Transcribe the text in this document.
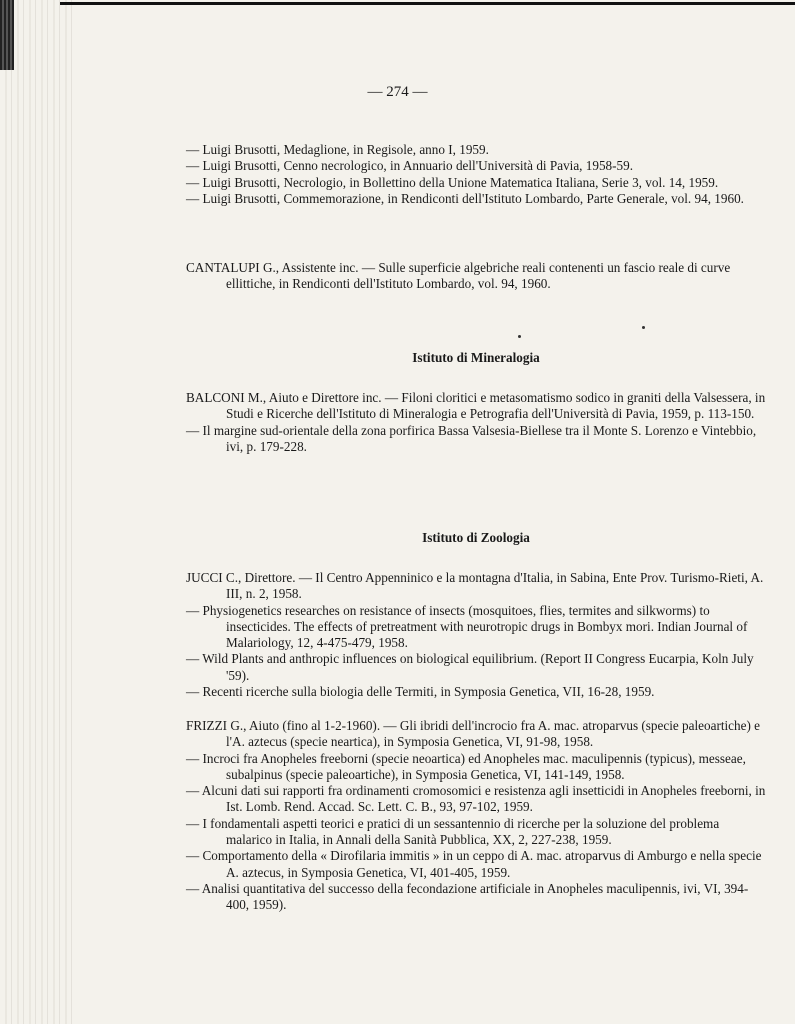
— 274 —
— Luigi Brusotti, Medaglione, in Regisole, anno I, 1959.
— Luigi Brusotti, Cenno necrologico, in Annuario dell'Università di Pavia, 1958-59.
— Luigi Brusotti, Necrologio, in Bollettino della Unione Matematica Italiana, Serie 3, vol. 14, 1959.
— Luigi Brusotti, Commemorazione, in Rendiconti dell'Istituto Lombardo, Parte Generale, vol. 94, 1960.
CANTALUPI G., Assistente inc. — Sulle superficie algebriche reali contenenti un fascio reale di curve ellittiche, in Rendiconti dell'Istituto Lombardo, vol. 94, 1960.
Istituto di Mineralogia
BALCONI M., Aiuto e Direttore inc. — Filoni cloritici e metasomatismo sodico in graniti della Valsessera, in Studi e Ricerche dell'Istituto di Mineralogia e Petrografia dell'Università di Pavia, 1959, p. 113-150.
— Il margine sud-orientale della zona porfirica Bassa Valsesia-Biellese tra il Monte S. Lorenzo e Vintebbio, ivi, p. 179-228.
Istituto di Zoologia
JUCCI C., Direttore. — Il Centro Appenninico e la montagna d'Italia, in Sabina, Ente Prov. Turismo-Rieti, A. III, n. 2, 1958.
— Physiogenetics researches on resistance of insects (mosquitoes, flies, termites and silkworms) to insecticides. The effects of pretreatment with neurotropic drugs in Bombyx mori. Indian Journal of Malariology, 12, 4-475-479, 1958.
— Wild Plants and anthropic influences on biological equilibrium. (Report II Congress Eucarpia, Koln July '59).
— Recenti ricerche sulla biologia delle Termiti, in Symposia Genetica, VII, 16-28, 1959.
FRIZZI G., Aiuto (fino al 1-2-1960). — Gli ibridi dell'incrocio fra A. mac. atroparvus (specie paleoartiche) e l'A. aztecus (specie neartica), in Symposia Genetica, VI, 91-98, 1958.
— Incroci fra Anopheles freeborni (specie neoartica) ed Anopheles mac. maculipennis (typicus), messeae, subalpinus (specie paleoartiche), in Symposia Genetica, VI, 141-149, 1958.
— Alcuni dati sui rapporti fra ordinamenti cromosomici e resistenza agli insetticidi in Anopheles freeborni, in Ist. Lomb. Rend. Accad. Sc. Lett. C. B., 93, 97-102, 1959.
— I fondamentali aspetti teorici e pratici di un sessantennio di ricerche per la soluzione del problema malarico in Italia, in Annali della Sanità Pubblica, XX, 2, 227-238, 1959.
— Comportamento della « Dirofilaria immitis » in un ceppo di A. mac. atroparvus di Amburgo e nella specie A. aztecus, in Symposia Genetica, VI, 401-405, 1959.
— Analisi quantitativa del successo della fecondazione artificiale in Anopheles maculipennis, ivi, VI, 394-400, 1959).
